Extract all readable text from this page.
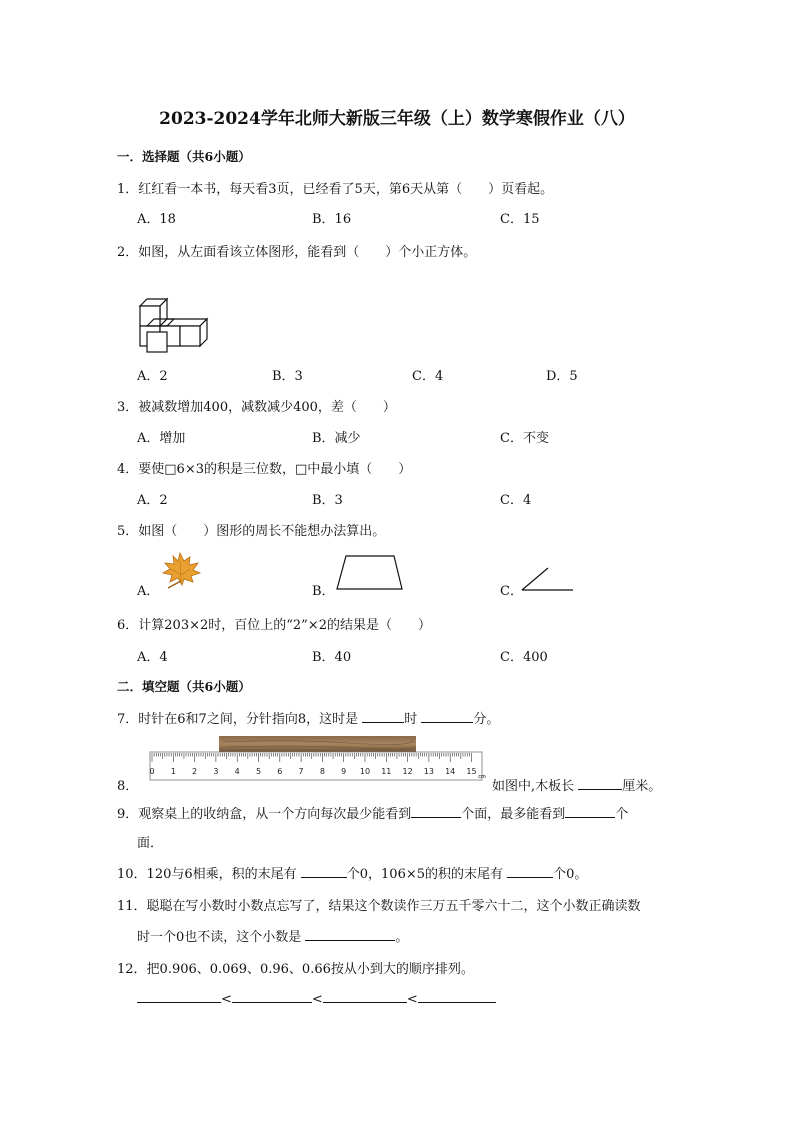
2023-2024学年北师大新版三年级（上）数学寒假作业（八）
一．选择题（共6小题）
1．红红看一本书，每天看3页，已经看了5天，第6天从第（　　）页看起。
A．18	B．16	C．15
2．如图，从左面看该立体图形，能看到（　　）个小正方体。
A．2	B．3	C．4	D．5
3．被减数增加400，减数减少400，差（　　）
A．增加	B．减少	C．不变
4．要使□6×3的积是三位数，□中最小填（　　）
A．2	B．3	C．4
5．如图（　　）图形的周长不能想办法算出。
A．	B．	C．
6．计算203×2时，百位上的“2”×2的结果是（　　）
A．4	B．40	C．400
二．填空题（共6小题）
7．时针在6和7之间，分针指向8，这时是	时	分。
8．
0 1 2 3 4 5 6 7 8 9 10 11 12 13 14 15
cm
如图中,木板长	厘米。
9．观察桌上的收纳盒，从一个方向每次最少能看到	个面，最多能看到	个
面．
10．120与6相乘，积的末尾有	个0，106×5的积的末尾有	个0。
11．聪聪在写小数时小数点忘写了，结果这个数读作三万五千零六十二，这个小数正确读数
时一个0也不读，这个小数是	。
12．把0.906、0.069、0.96、0.66按从小到大的顺序排列。
<	<	<
